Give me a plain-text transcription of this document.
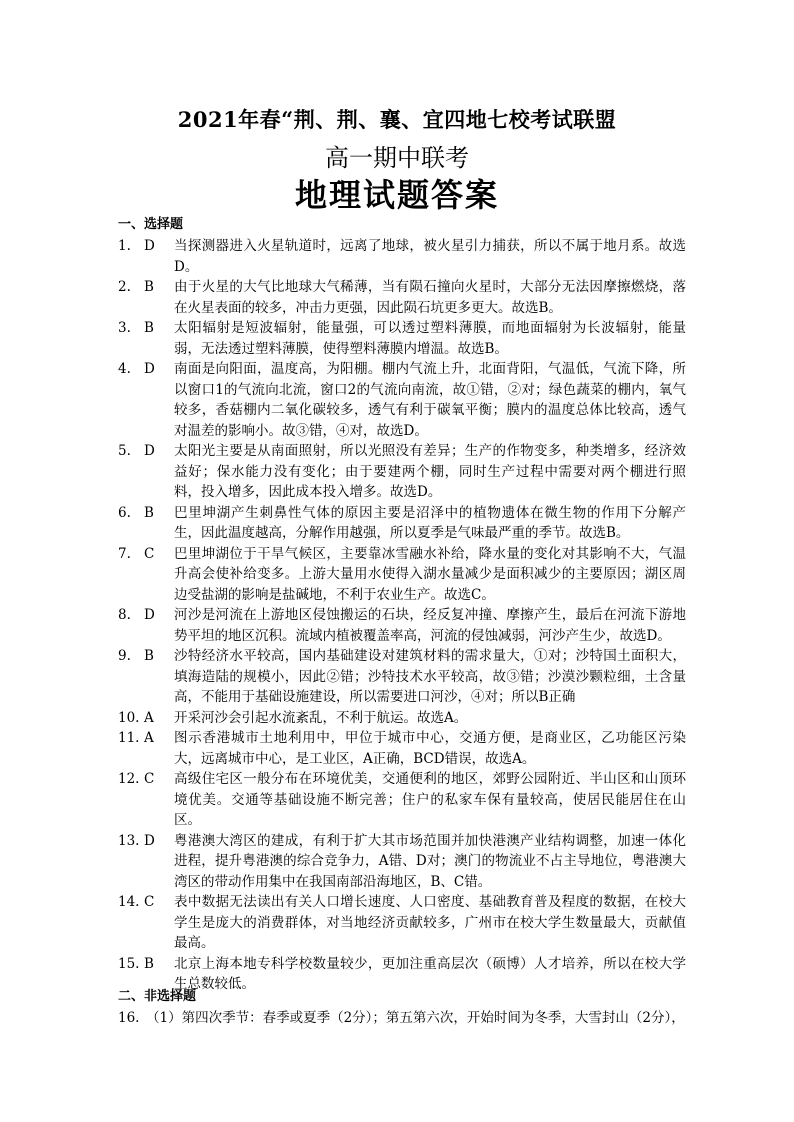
2021年春“荆、荆、襄、宜四地七校考试联盟
高一期中联考
地理试题答案
一、选择题
1. D	当探测器进入火星轨道时，远离了地球，被火星引力捕获，所以不属于地月系。故选D。
2. B	由于火星的大气比地球大气稀薄，当有陨石撞向火星时，大部分无法因摩擦燃烧，落在火星表面的较多，冲击力更强，因此陨石坑更多更大。故选B。
3. B	太阳辐射是短波辐射，能量强，可以透过塑料薄膜，而地面辐射为长波辐射，能量弱，无法透过塑料薄膜，使得塑料薄膜内增温。故选B。
4. D	南面是向阳面，温度高，为阳棚。棚内气流上升，北面背阳，气温低，气流下降，所以窗口1的气流向北流，窗口2的气流向南流，故①错，②对；绿色蔬菜的棚内，氧气较多，香菇棚内二氧化碳较多，透气有利于碳氧平衡；膜内的温度总体比较高，透气对温差的影响小。故③错，④对，故选D。
5. D	太阳光主要是从南面照射，所以光照没有差异；生产的作物变多，种类增多，经济效益好；保水能力没有变化；由于要建两个棚，同时生产过程中需要对两个棚进行照料，投入增多，因此成本投入增多。故选D。
6. B	巴里坤湖产生刺鼻性气体的原因主要是沼泽中的植物遗体在微生物的作用下分解产生，因此温度越高，分解作用越强，所以夏季是气味最严重的季节。故选B。
7. C	巴里坤湖位于干旱气候区，主要靠冰雪融水补给，降水量的变化对其影响不大，气温升高会使补给变多。上游大量用水使得入湖水量减少是面积减少的主要原因；湖区周边受盐湖的影响是盐碱地，不利于农业生产。故选C。
8. D	河沙是河流在上游地区侵蚀搬运的石块，经反复冲撞、摩擦产生，最后在河流下游地势平坦的地区沉积。流域内植被覆盖率高，河流的侵蚀减弱，河沙产生少，故选D。
9. B	沙特经济水平较高，国内基础建设对建筑材料的需求量大，①对；沙特国土面积大，填海造陆的规模小，因此②错；沙特技术水平较高，故③错；沙漠沙颗粒细，土含量高，不能用于基础设施建设，所以需要进口河沙，④对；所以B正确
10. A	开采河沙会引起水流紊乱，不利于航运。故选A。
11. A	图示香港城市土地利用中，甲位于城市中心，交通方便，是商业区，乙功能区污染大，远离城市中心，是工业区，A正确，BCD错误，故选A。
12. C	高级住宅区一般分布在环境优美，交通便利的地区，郊野公园附近、半山区和山顶环境优美。交通等基础设施不断完善；住户的私家车保有量较高，使居民能居住在山区。
13. D	粤港澳大湾区的建成，有利于扩大其市场范围并加快港澳产业结构调整，加速一体化进程，提升粤港澳的综合竞争力，A错、D对；澳门的物流业不占主导地位，粤港澳大湾区的带动作用集中在我国南部沿海地区，B、C错。
14. C	表中数据无法读出有关人口增长速度、人口密度、基础教育普及程度的数据，在校大学生是庞大的消费群体，对当地经济贡献较多，广州市在校大学生数量最大，贡献值最高。
15. B	北京上海本地专科学校数量较少，更加注重高层次（硕博）人才培养，所以在校大学生总数较低。
二、非选择题
16. （1）第四次季节：春季或夏季（2分）；第五第六次，开始时间为冬季，大雪封山（2分），
